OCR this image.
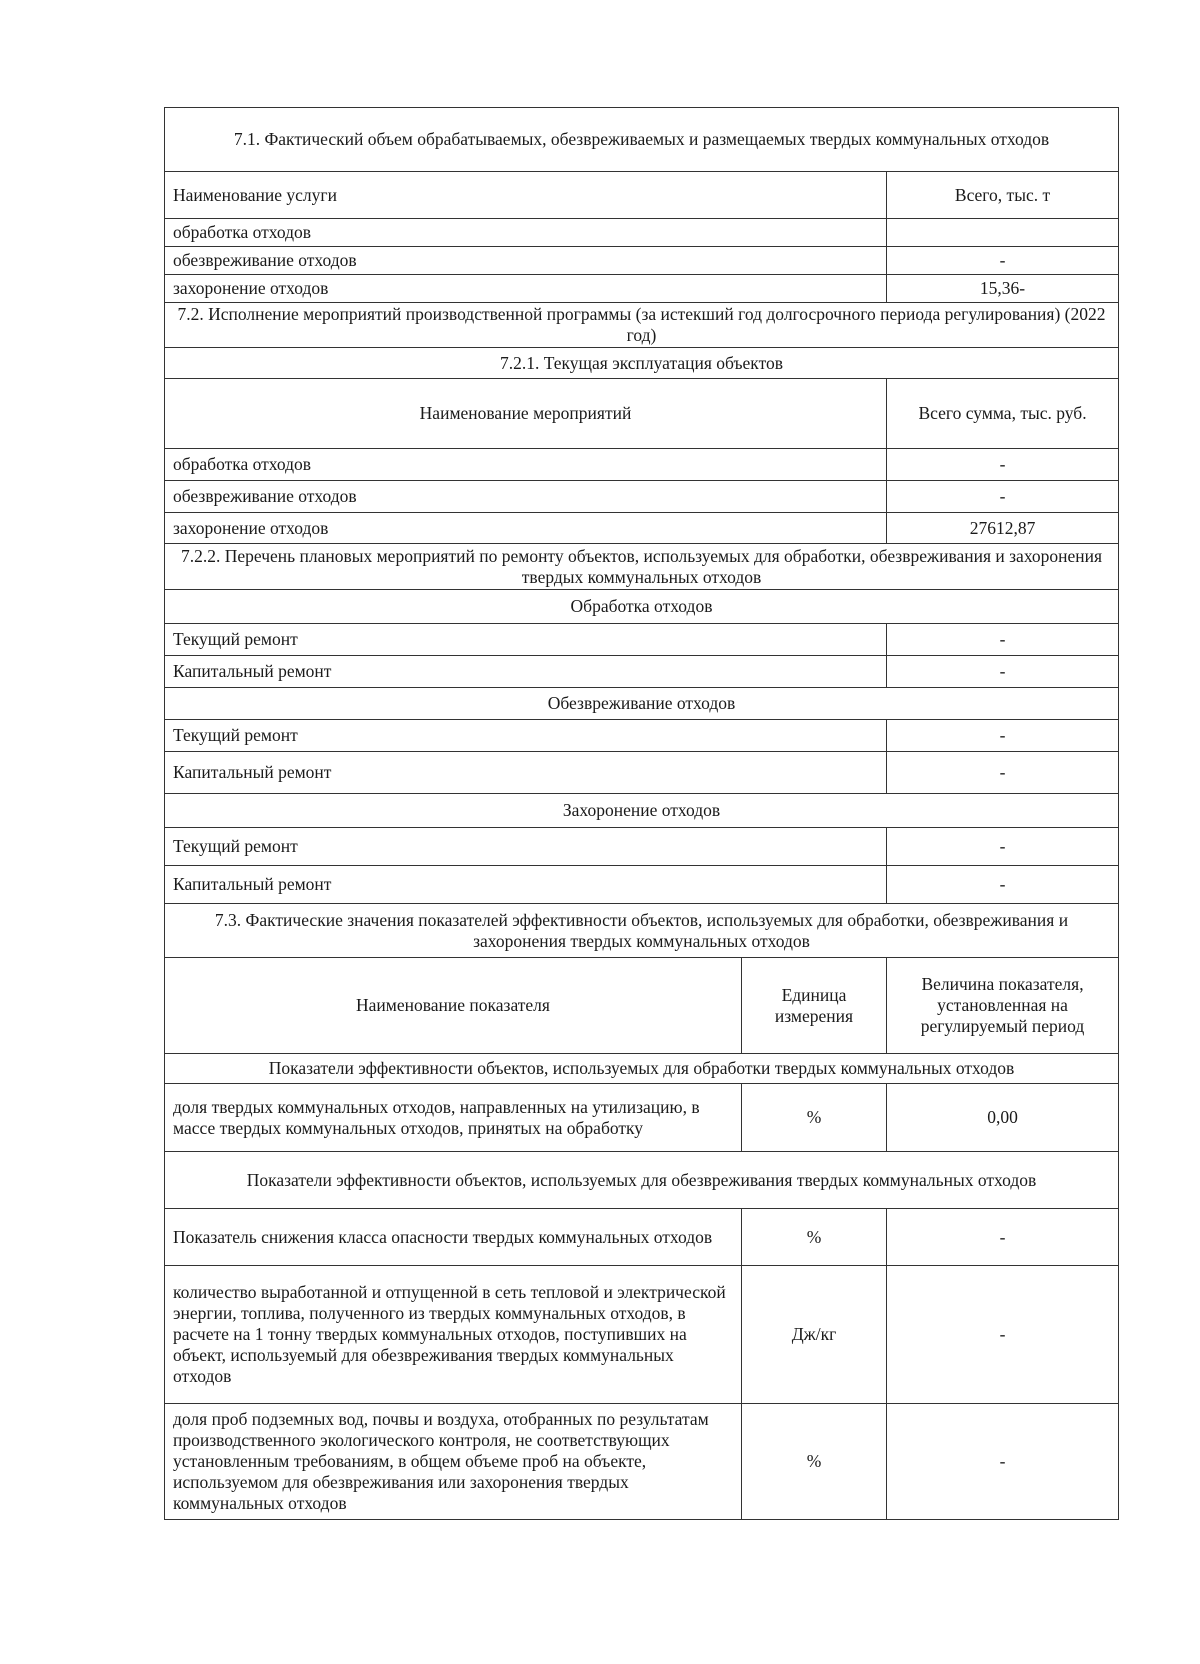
7.1. Фактический объем обрабатываемых, обезвреживаемых и размещаемых твердых коммунальных отходов		
Наименование услуги		Всего, тыс. т
обработка отходов		
обезвреживание отходов		-
захоронение отходов		15,36-
7.2. Исполнение мероприятий производственной программы (за истекший год долгосрочного периода регулирования) (2022 год)		
7.2.1. Текущая эксплуатация объектов		
Наименование мероприятий		Всего сумма, тыс. руб.
обработка отходов		-
обезвреживание отходов		-
захоронение отходов		27612,87
7.2.2. Перечень плановых мероприятий по ремонту объектов, используемых для обработки, обезвреживания и захоронения твердых коммунальных отходов		
Обработка отходов		
Текущий ремонт		-
Капитальный ремонт		-
Обезвреживание отходов		
Текущий ремонт		-
Капитальный ремонт		-
Захоронение отходов		
Текущий ремонт		-
Капитальный ремонт		-
7.3. Фактические значения показателей эффективности объектов, используемых для обработки, обезвреживания и захоронения твердых коммунальных отходов		
Наименование показателя	Единица измерения	Величина показателя, установленная на регулируемый период
Показатели эффективности объектов, используемых для обработки твердых коммунальных отходов		
доля твердых коммунальных отходов, направленных на утилизацию, в массе твердых коммунальных отходов, принятых на обработку	%	0,00
Показатели эффективности объектов, используемых для обезвреживания твердых коммунальных отходов		
Показатель снижения класса опасности твердых коммунальных отходов	%	-
количество выработанной и отпущенной в сеть тепловой и электрической энергии, топлива, полученного из твердых коммунальных отходов, в расчете на 1 тонну твердых коммунальных отходов, поступивших на объект, используемый для обезвреживания твердых коммунальных отходов	Дж/кг	-
доля проб подземных вод, почвы и воздуха, отобранных по результатам производственного экологического контроля, не соответствующих установленным требованиям, в общем объеме проб на объекте, используемом для обезвреживания или захоронения твердых коммунальных отходов	%	-
